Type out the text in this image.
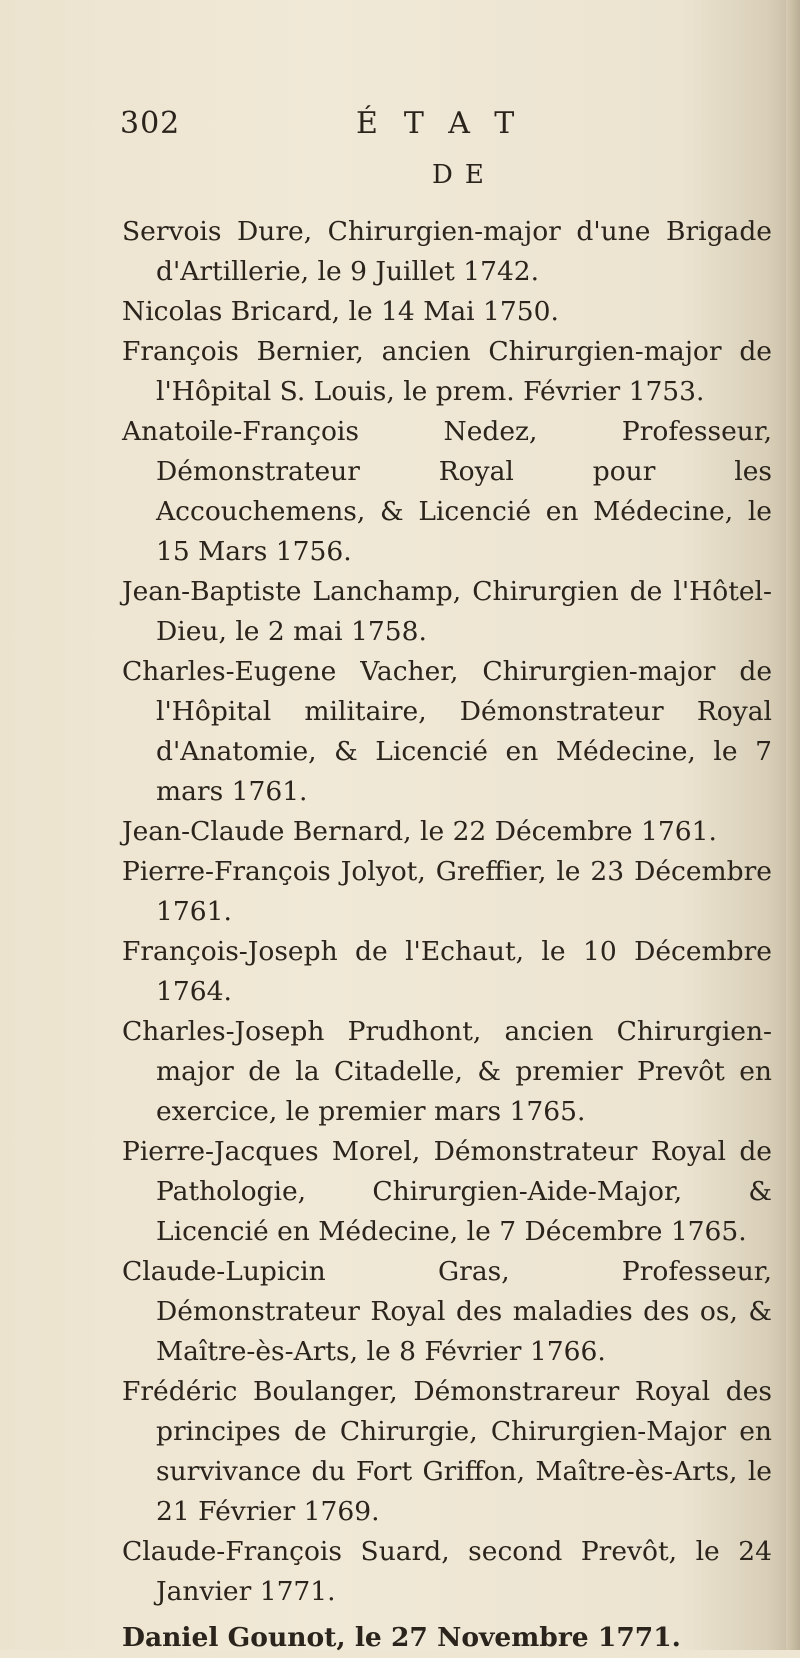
302	ÉTAT
DE

Servois Dure, Chirurgien-major d'une Brigade d'Artillerie, le 9 Juillet 1742.

Nicolas Bricard, le 14 Mai 1750.

François Bernier, ancien Chirurgien-major de l'Hôpital S. Louis, le prem. Février 1753.

Anatoile-François Nedez, Professeur, Démonstrateur Royal pour les Accouchemens, & Licencié en Médecine, le 15 Mars 1756.

Jean-Baptiste Lanchamp, Chirurgien de l'Hôtel-Dieu, le 2 mai 1758.

Charles-Eugene Vacher, Chirurgien-major de l'Hôpital militaire, Démonstrateur Royal d'Anatomie, & Licencié en Médecine, le 7 mars 1761.

Jean-Claude Bernard, le 22 Décembre 1761.

Pierre-François Jolyot, Greffier, le 23 Décembre 1761.

François-Joseph de l'Echaut, le 10 Décembre 1764.

Charles-Joseph Prudhont, ancien Chirurgien-major de la Citadelle, & premier Prevôt en exercice, le premier mars 1765.

Pierre-Jacques Morel, Démonstrateur Royal de Pathologie, Chirurgien-Aide-Major, & Licencié en Médecine, le 7 Décembre 1765.

Claude-Lupicin Gras, Professeur, Démonstrateur Royal des maladies des os, & Maître-ès-Arts, le 8 Février 1766.

Frédéric Boulanger, Démonstrareur Royal des principes de Chirurgie, Chirurgien-Major en survivance du Fort Griffon, Maître-ès-Arts, le 21 Février 1769.

Claude-François Suard, second Prevôt, le 24 Janvier 1771.

Daniel Gounot, le 27 Novembre 1771.
